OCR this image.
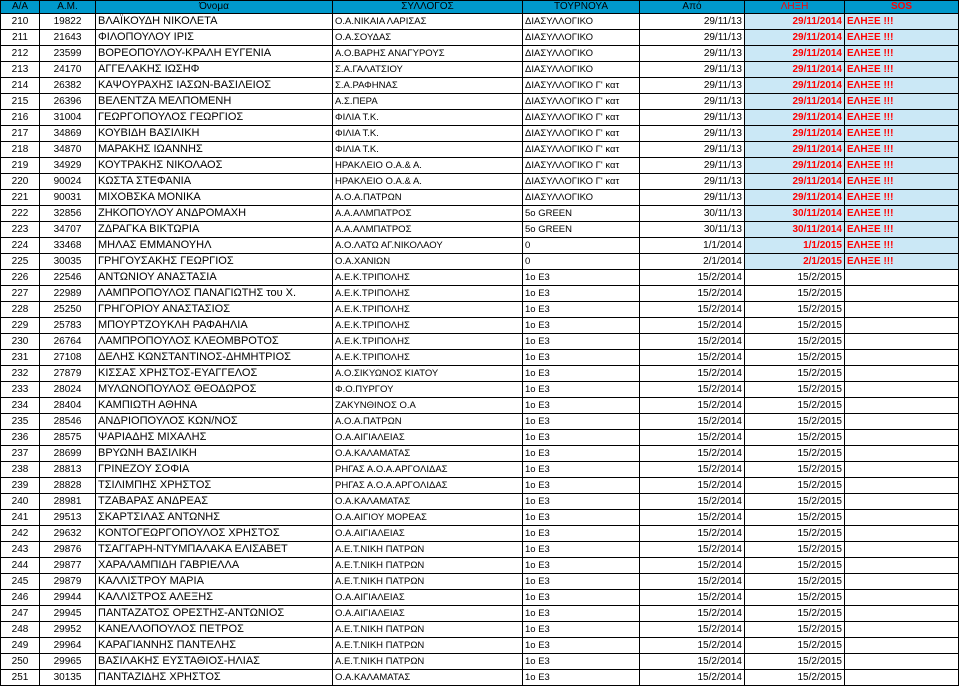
Α/Α	Α.Μ.	Όνομα	ΣΥΛΛΟΓΟΣ	ΤΟΥΡΝΟΥΑ	Από	ΛΗΞΗ	SOS
210	19822	ΒΛΑΪΚΟΥΔΗ ΝΙΚΟΛΕΤΑ	Ο.Α.ΝΙΚΑΙΑ ΛΑΡΙΣΑΣ	ΔΙΑΣΥΛΛΟΓΙΚΟ	29/11/13	29/11/2014	ΕΛΗΞΕ !!!
211	21643	ΦΙΛΟΠΟΥΛΟΥ ΙΡΙΣ	Ο.Α.ΣΟΥΔΑΣ	ΔΙΑΣΥΛΛΟΓΙΚΟ	29/11/13	29/11/2014	ΕΛΗΞΕ !!!
212	23599	ΒΟΡΕΟΠΟΥΛΟΥ-ΚΡΑΛΗ ΕΥΓΕΝΙΑ	Α.Ο.ΒΑΡΗΣ ΑΝΑΓΥΡΟΥΣ	ΔΙΑΣΥΛΛΟΓΙΚΟ	29/11/13	29/11/2014	ΕΛΗΞΕ !!!
213	24170	ΑΓΓΕΛΑΚΗΣ ΙΩΣΗΦ	Σ.Α.ΓΑΛΑΤΣΙΟΥ	ΔΙΑΣΥΛΛΟΓΙΚΟ	29/11/13	29/11/2014	ΕΛΗΞΕ !!!
214	26382	ΚΑΨΟΥΡΑΧΗΣ ΙΑΣΩΝ-ΒΑΣΙΛΕΙΟΣ	Σ.Α.ΡΑΦΗΝΑΣ	ΔΙΑΣΥΛΛΟΓΙΚΟ Γ' κατ	29/11/13	29/11/2014	ΕΛΗΞΕ !!!
215	26396	ΒΕΛΕΝΤΖΑ ΜΕΛΠΟΜΕΝΗ	Α.Σ.ΠΕΡΑ	ΔΙΑΣΥΛΛΟΓΙΚΟ Γ' κατ	29/11/13	29/11/2014	ΕΛΗΞΕ !!!
216	31004	ΓΕΩΡΓΟΠΟΥΛΟΣ ΓΕΩΡΓΙΟΣ	ΦΙΛΙΑ Τ.Κ.	ΔΙΑΣΥΛΛΟΓΙΚΟ Γ' κατ	29/11/13	29/11/2014	ΕΛΗΞΕ !!!
217	34869	ΚΟΥΒΙΔΗ ΒΑΣΙΛΙΚΗ	ΦΙΛΙΑ Τ.Κ.	ΔΙΑΣΥΛΛΟΓΙΚΟ Γ' κατ	29/11/13	29/11/2014	ΕΛΗΞΕ !!!
218	34870	ΜΑΡΑΚΗΣ ΙΩΑΝΝΗΣ	ΦΙΛΙΑ Τ.Κ.	ΔΙΑΣΥΛΛΟΓΙΚΟ Γ' κατ	29/11/13	29/11/2014	ΕΛΗΞΕ !!!
219	34929	ΚΟΥΤΡΑΚΗΣ ΝΙΚΟΛΑΟΣ	ΗΡΑΚΛΕΙΟ Ο.Α.& Α.	ΔΙΑΣΥΛΛΟΓΙΚΟ Γ' κατ	29/11/13	29/11/2014	ΕΛΗΞΕ !!!
220	90024	ΚΩΣΤΑ ΣΤΕΦΑΝΙΑ	ΗΡΑΚΛΕΙΟ Ο.Α.& Α.	ΔΙΑΣΥΛΛΟΓΙΚΟ Γ' κατ	29/11/13	29/11/2014	ΕΛΗΞΕ !!!
221	90031	ΜΙΧΟΒΣΚΑ ΜΟΝΙΚΑ	Α.Ο.Α.ΠΑΤΡΩΝ	ΔΙΑΣΥΛΛΟΓΙΚΟ	29/11/13	29/11/2014	ΕΛΗΞΕ !!!
222	32856	ΖΗΚΟΠΟΥΛΟΥ ΑΝΔΡΟΜΑΧΗ	Α.Α.ΑΛΜΠΑΤΡΟΣ	5ο GREEN	30/11/13	30/11/2014	ΕΛΗΞΕ !!!
223	34707	ΖΔΡΑΓΚΑ ΒΙΚΤΩΡΙΑ	Α.Α.ΑΛΜΠΑΤΡΟΣ	5ο GREEN	30/11/13	30/11/2014	ΕΛΗΞΕ !!!
224	33468	ΜΗΛΑΣ ΕΜΜΑΝΟΥΗΛ	Α.Ο.ΛΑΤΩ ΑΓ.ΝΙΚΟΛΑΟΥ	0	1/1/2014	1/1/2015	ΕΛΗΞΕ !!!
225	30035	ΓΡΗΓΟΥΣΑΚΗΣ ΓΕΩΡΓΙΟΣ	Ο.Α.ΧΑΝΙΩΝ	0	2/1/2014	2/1/2015	ΕΛΗΞΕ !!!
226	22546	ΑΝΤΩΝΙΟΥ ΑΝΑΣΤΑΣΙΑ	Α.Ε.Κ.ΤΡΙΠΟΛΗΣ	1ο Ε3	15/2/2014	15/2/2015	
227	22989	ΛΑΜΠΡΟΠΟΥΛΟΣ ΠΑΝΑΓΙΩΤΗΣ του Χ.	Α.Ε.Κ.ΤΡΙΠΟΛΗΣ	1ο Ε3	15/2/2014	15/2/2015	
228	25250	ΓΡΗΓΟΡΙΟΥ ΑΝΑΣΤΑΣΙΟΣ	Α.Ε.Κ.ΤΡΙΠΟΛΗΣ	1ο Ε3	15/2/2014	15/2/2015	
229	25783	ΜΠΟΥΡΤΖΟΥΚΛΗ ΡΑΦΑΗΛΙΑ	Α.Ε.Κ.ΤΡΙΠΟΛΗΣ	1ο Ε3	15/2/2014	15/2/2015	
230	26764	ΛΑΜΠΡΟΠΟΥΛΟΣ ΚΛΕΟΜΒΡΟΤΟΣ	Α.Ε.Κ.ΤΡΙΠΟΛΗΣ	1ο Ε3	15/2/2014	15/2/2015	
231	27108	ΔΕΛΗΣ ΚΩΝΣΤΑΝΤΙΝΟΣ-ΔΗΜΗΤΡΙΟΣ	Α.Ε.Κ.ΤΡΙΠΟΛΗΣ	1ο Ε3	15/2/2014	15/2/2015	
232	27879	ΚΙΣΣΑΣ ΧΡΗΣΤΟΣ-ΕΥΑΓΓΕΛΟΣ	Α.Ο.ΣΙΚΥΩΝΟΣ ΚΙΑΤΟΥ	1ο Ε3	15/2/2014	15/2/2015	
233	28024	ΜΥΛΩΝΟΠΟΥΛΟΣ ΘΕΟΔΩΡΟΣ	Φ.Ο.ΠΥΡΓΟΥ	1ο Ε3	15/2/2014	15/2/2015	
234	28404	ΚΑΜΠΙΩΤΗ ΑΘΗΝΑ	ΖΑΚΥΝΘΙΝΟΣ Ο.Α	1ο Ε3	15/2/2014	15/2/2015	
235	28546	ΑΝΔΡΙΟΠΟΥΛΟΣ ΚΩΝ/ΝΟΣ	Α.Ο.Α.ΠΑΤΡΩΝ	1ο Ε3	15/2/2014	15/2/2015	
236	28575	ΨΑΡΙΑΔΗΣ ΜΙΧΑΛΗΣ	Ο.Α.ΑΙΓΙΑΛΕΙΑΣ	1ο Ε3	15/2/2014	15/2/2015	
237	28699	ΒΡΥΩΝΗ ΒΑΣΙΛΙΚΗ	Ο.Α.ΚΑΛΑΜΑΤΑΣ	1ο Ε3	15/2/2014	15/2/2015	
238	28813	ΓΡΙΝΕΖΟΥ ΣΟΦΙΑ	ΡΗΓΑΣ Α.Ο.Α.ΑΡΓΟΛΙΔΑΣ	1ο Ε3	15/2/2014	15/2/2015	
239	28828	ΤΣΙΛΙΜΠΗΣ ΧΡΗΣΤΟΣ	ΡΗΓΑΣ Α.Ο.Α.ΑΡΓΟΛΙΔΑΣ	1ο Ε3	15/2/2014	15/2/2015	
240	28981	ΤΖΑΒΑΡΑΣ ΑΝΔΡΕΑΣ	Ο.Α.ΚΑΛΑΜΑΤΑΣ	1ο Ε3	15/2/2014	15/2/2015	
241	29513	ΣΚΑΡΤΣΙΛΑΣ ΑΝΤΩΝΗΣ	Ο.Α.ΑΙΓΙΟΥ ΜΟΡΕΑΣ	1ο Ε3	15/2/2014	15/2/2015	
242	29632	ΚΟΝΤΟΓΕΩΡΓΟΠΟΥΛΟΣ ΧΡΗΣΤΟΣ	Ο.Α.ΑΙΓΙΑΛΕΙΑΣ	1ο Ε3	15/2/2014	15/2/2015	
243	29876	ΤΣΑΓΓΑΡΗ-ΝΤΥΜΠΑΛΑΚΑ ΕΛΙΣΑΒΕΤ	Α.Ε.Τ.ΝΙΚΗ ΠΑΤΡΩΝ	1ο Ε3	15/2/2014	15/2/2015	
244	29877	ΧΑΡΑΛΑΜΠΙΔΗ ΓΑΒΡΙΕΛΛΑ	Α.Ε.Τ.ΝΙΚΗ ΠΑΤΡΩΝ	1ο Ε3	15/2/2014	15/2/2015	
245	29879	ΚΑΛΛΙΣΤΡΟΥ ΜΑΡΙΑ	Α.Ε.Τ.ΝΙΚΗ ΠΑΤΡΩΝ	1ο Ε3	15/2/2014	15/2/2015	
246	29944	ΚΑΛΛΙΣΤΡΟΣ ΑΛΕΞΗΣ	Ο.Α.ΑΙΓΙΑΛΕΙΑΣ	1ο Ε3	15/2/2014	15/2/2015	
247	29945	ΠΑΝΤΑΖΑΤΟΣ ΟΡΕΣΤΗΣ-ΑΝΤΩΝΙΟΣ	Ο.Α.ΑΙΓΙΑΛΕΙΑΣ	1ο Ε3	15/2/2014	15/2/2015	
248	29952	ΚΑΝΕΛΛΟΠΟΥΛΟΣ ΠΕΤΡΟΣ	Α.Ε.Τ.ΝΙΚΗ ΠΑΤΡΩΝ	1ο Ε3	15/2/2014	15/2/2015	
249	29964	ΚΑΡΑΓΙΑΝΝΗΣ ΠΑΝΤΕΛΗΣ	Α.Ε.Τ.ΝΙΚΗ ΠΑΤΡΩΝ	1ο Ε3	15/2/2014	15/2/2015	
250	29965	ΒΑΣΙΛΑΚΗΣ ΕΥΣΤΑΘΙΟΣ-ΗΛΙΑΣ	Α.Ε.Τ.ΝΙΚΗ ΠΑΤΡΩΝ	1ο Ε3	15/2/2014	15/2/2015	
251	30135	ΠΑΝΤΑΖΙΔΗΣ ΧΡΗΣΤΟΣ	Ο.Α.ΚΑΛΑΜΑΤΑΣ	1ο Ε3	15/2/2014	15/2/2015	
